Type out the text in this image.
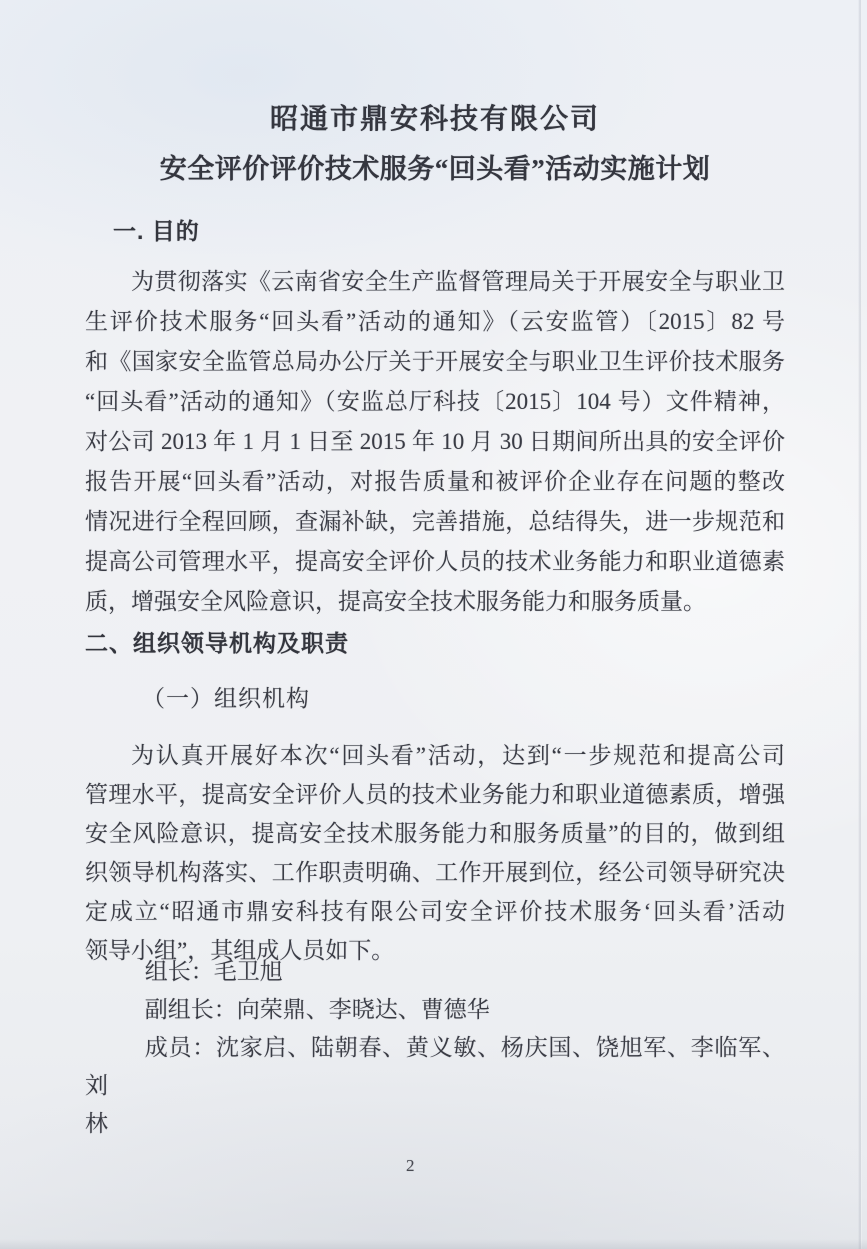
昭通市鼎安科技有限公司
安全评价评价技术服务“回头看”活动实施计划
一. 目的
为贯彻落实《云南省安全生产监督管理局关于开展安全与职业卫
生评价技术服务“回头看”活动的通知》（云安监管）〔2015〕82 号
和《国家安全监管总局办公厅关于开展安全与职业卫生评价技术服务
“回头看”活动的通知》（安监总厅科技〔2015〕104 号）文件精神，
对公司 2013 年 1 月 1 日至 2015 年 10 月 30 日期间所出具的安全评价
报告开展“回头看”活动，对报告质量和被评价企业存在问题的整改
情况进行全程回顾，查漏补缺，完善措施，总结得失，进一步规范和
提高公司管理水平，提高安全评价人员的技术业务能力和职业道德素
质，增强安全风险意识，提高安全技术服务能力和服务质量。
二、组织领导机构及职责
（一）组织机构
为认真开展好本次“回头看”活动，达到“一步规范和提高公司
管理水平，提高安全评价人员的技术业务能力和职业道德素质，增强
安全风险意识，提高安全技术服务能力和服务质量”的目的，做到组
织领导机构落实、工作职责明确、工作开展到位，经公司领导研究决
定成立“昭通市鼎安科技有限公司安全评价技术服务‘回头看’活动
领导小组”，其组成人员如下。
组长：毛卫旭
副组长：向荣鼎、李晓达、曹德华
成员：沈家启、陆朝春、黄义敏、杨庆国、饶旭军、李临军、刘
林
2
